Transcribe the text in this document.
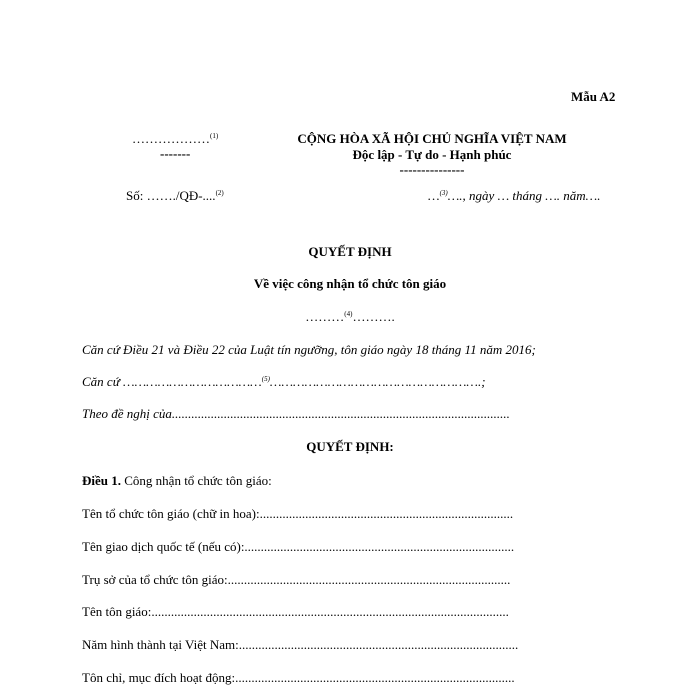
Mẫu A2
………………$^{(1)}$
-------
CỘNG HÒA XÃ HỘI CHỦ NGHĨA VIỆT NAM
Độc lập - Tự do - Hạnh phúc
---------------
Số: ……./QĐ-....$^{(2)}$	…$^{(3)}$…., ngày … tháng …. năm….
QUYẾT ĐỊNH
Về việc công nhận tổ chức tôn giáo
………$^{(4)}$……….
Căn cứ Điều 21 và Điều 22 của Luật tín ngưỡng, tôn giáo ngày 18 tháng 11 năm 2016;
Căn cứ ………………………………$^{(5)}$……………………………………………….;
Theo đề nghị của........................................................................................................
QUYẾT ĐỊNH:
Điều 1. Công nhận tổ chức tôn giáo:
Tên tổ chức tôn giáo (chữ in hoa):..............................................................................
Tên giao dịch quốc tế (nếu có):...................................................................................
Trụ sở của tổ chức tôn giáo:.......................................................................................
Tên tôn giáo:..............................................................................................................
Năm hình thành tại Việt Nam:......................................................................................
Tôn chỉ, mục đích hoạt động:......................................................................................
